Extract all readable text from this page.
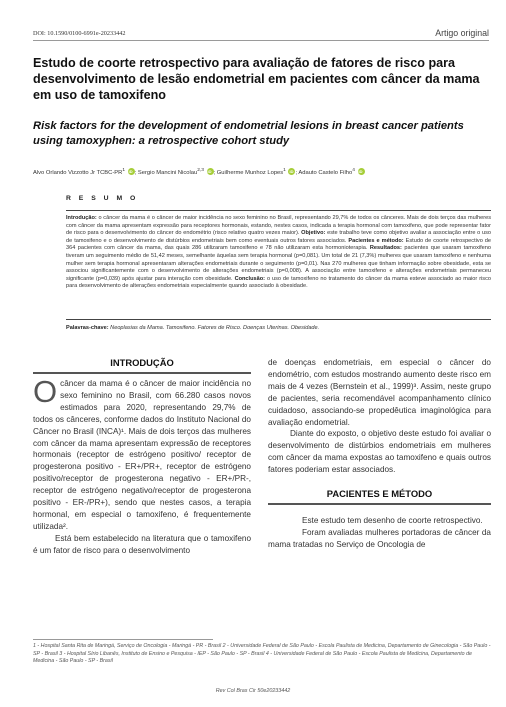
DOI: 10.1590/0100-6991e-20233442	Artigo original
Estudo de coorte retrospectivo para avaliação de fatores de risco para desenvolvimento de lesão endometrial em pacientes com câncer da mama em uso de tamoxifeno
Risk factors for the development of endometrial lesions in breast cancer patients using tamoxyphen: a retrospective cohort study
Alvo Orlando Vizzotto Jr TCBC-$PR^1$ iD ; Sergio Mancini Nicolau$^{2,3}$ iD ; Guilherme Munhoz Lopes$^1$ iD ; Adauto Castelo Filho$^4$ iD
R E S U M O
Introdução: o câncer da mama é o câncer de maior incidência no sexo feminino no Brasil, representando 29,7% de todos os cânceres. Mais de dois terços das mulheres com câncer da mama apresentam expressão para receptores hormonais, estando, nestes casos, indicada a terapia hormonal com tamoxifeno, que pode representar fator de risco para o desenvolvimento do câncer do endométrio (risco relativo quatro vezes maior). Objetivo: este trabalho teve como objetivo avaliar a associação entre o uso de tamoxifeno e o desenvolvimento de distúrbios endometriais bem como eventuais outros fatores associados. Pacientes e método: Estudo de coorte retrospectivo de 364 pacientes com câncer da mama, das quais 286 utilizaram tamoxifeno e 78 não utilizaram esta hormonioterapia. Resultados: pacientes que usaram tamoxifeno tiveram um seguimento médio de 51,42 meses, semelhante àquelas sem terapia hormonal (p=0,081). Um total de 21 (7,3%) mulheres que usaram tamoxifeno e nenhuma mulher sem terapia hormonal apresentaram alterações endometriais durante o seguimento (p=0,01). Nas 270 mulheres que tinham informação sobre obesidade, esta se associou significantemente com o desenvolvimento de alterações endometriais (p=0,008). A associação entre tamoxifeno e alterações endometriais permaneceu significante (p=0,039) após ajustar para interação com obesidade. Conclusão: o uso de tamoxifeno no tratamento do câncer da mama esteve associado ao maior risco para desenvolvimento de alterações endometriais especialmente quando associado à obesidade.
Palavras-chave: Neoplasias da Mama. Tamoxifeno. Fatores de Risco. Doenças Uterinas. Obesidade.
INTRODUÇÃO

Ocâncer da mama é o câncer de maior incidência no sexo feminino no Brasil, com 66.280 casos novos estimados para 2020, representando 29,7% de todos os cânceres, conforme dados do Instituto Nacional do Câncer no Brasil (INCA)¹. Mais de dois terços das mulheres com câncer da mama apresentam expressão de receptores hormonais (receptor de estrógeno positivo/ receptor de progesterona positivo - ER+/PR+, receptor de estrógeno positivo/receptor de progesterona negativo - ER+/PR-, receptor de estrógeno negativo/receptor de progesterona positivo - ER-/PR+), sendo que nestes casos, a terapia hormonal, em especial o tamoxifeno, é frequentemente utilizada².

Está bem estabelecido na literatura que o tamoxifeno é um fator de risco para o desenvolvimento

de doenças endometriais, em especial o câncer do endométrio, com estudos mostrando aumento deste risco em mais de 4 vezes (Bernstein et al., 1999)³. Assim, neste grupo de pacientes, seria recomendável acompanhamento clínico cuidadoso, associando-se propedêutica imaginológica para avaliação endometrial.

Diante do exposto, o objetivo deste estudo foi avaliar o desenvolvimento de distúrbios endometriais em mulheres com câncer da mama expostas ao tamoxifeno e quais outros fatores poderiam estar associados.

PACIENTES E MÉTODO

Este estudo tem desenho de coorte retrospectivo.

Foram avaliadas mulheres portadoras de câncer da mama tratadas no Serviço de Oncologia de

1 - Hospital Santa Rita de Maringá, Serviço de Oncologia - Maringá - PR - Brasil 2 - Universidade Federal de São Paulo - Escola Paulista de Medicina, Departamento de Ginecologia - São Paulo - SP - Brasil 3 - Hospital Sírio Libanês, Instituto de Ensino e Pesquisa - IEP - São Paulo - SP - Brasil 4 - Universidade Federal de São Paulo - Escola Paulista de Medicina, Departamento de Medicina - São Paulo - SP - Brasil
Rev Col Bras Cir 50e20233442
